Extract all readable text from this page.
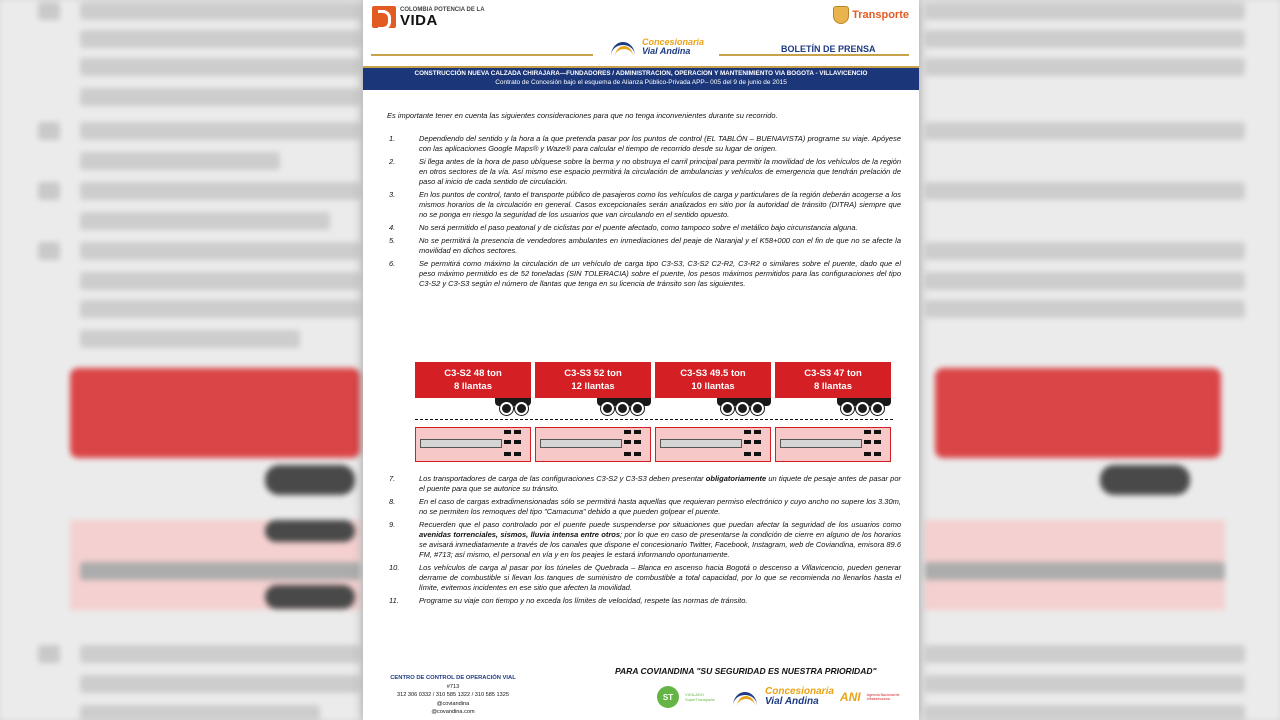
COLOMBIA POTENCIA DE LA
VIDA	Transporte
Concesionaria
Vial Andina	BOLETÍN DE PRENSA
CONSTRUCCIÓN NUEVA CALZADA CHIRAJARA—FUNDADORES / ADMINISTRACION, OPERACION Y MANTENIMIENTO VIA BOGOTA - VILLAVICENCIO
Contrato de Concesión bajo el esquema de Alianza Público-Privada APP– 005 del 9 de junio de 2015
Es importante tener en cuenta las siguientes consideraciones para que no tenga inconvenientes durante su recorrido.
1.	Dependiendo del sentido y la hora a la que pretenda pasar por los puntos de control (EL TABLÓN – BUENAVISTA) programe su viaje. Apóyese con las aplicaciones Google Maps® y Waze® para calcular el tiempo de recorrido desde su lugar de origen.
2.	Si llega antes de la hora de paso ubíquese sobre la berma y no obstruya el carril principal para permitir la movilidad de los vehículos de la región en otros sectores de la vía. Así mismo ese espacio permitirá la circulación de ambulancias y vehículos de emergencia que tendrán prelación de paso al inicio de cada sentido de circulación.
3.	En los puntos de control, tanto el transporte público de pasajeros como los vehículos de carga y particulares de la región deberán acogerse a los mismos horarios de la circulación en general. Casos excepcionales serán analizados en sitio por la autoridad de tránsito (DITRA) siempre que no se ponga en riesgo la seguridad de los usuarios que van circulando en el sentido opuesto.
4.	No será permitido el paso peatonal y de ciclistas por el puente afectado, como tampoco sobre el metálico bajo circunstancia alguna.
5.	No se permitirá la presencia de vendedores ambulantes en inmediaciones del peaje de Naranjal y el K58+000 con el fin de que no se afecte la movilidad en dichos sectores.
6.	Se permitirá como máximo la circulación de un vehículo de carga tipo C3-S3, C3-S2 C2-R2, C3-R2 o similares sobre el puente, dado que el peso máximo permitido es de 52 toneladas (SIN TOLERACIA) sobre el puente, los pesos máximos permitidos para las configuraciones del tipo C3-S2 y C3-S3 según el número de llantas que tenga en su licencia de tránsito son las siguientes.
C3-S2 48 ton
8 llantas
C3-S3 52 ton
12 llantas
C3-S3 49.5 ton
10 llantas
C3-S3 47 ton
8 llantas
7.	Los transportadores de carga de las configuraciones C3-S2 y C3-S3 deben presentar obligatoriamente un tiquete de pesaje antes de pasar por el puente para que se autorice su tránsito.
8.	En el caso de cargas extradimensionadas sólo se permitirá hasta aquellas que requieran permiso electrónico y cuyo ancho no supere los 3.30m, no se permiten los remoques del tipo "Camacuna" debido a que pueden golpear el puente.
9.	Recuerden que el paso controlado por el puente puede suspenderse por situaciones que puedan afectar la seguridad de los usuarios como avenidas torrenciales, sismos, lluvia intensa entre otros; por lo que en caso de presentarse la condición de cierre en alguno de los horarios se avisará inmediatamente a través de los canales que dispone el concesionario Twitter, Facebook, Instagram, web de Coviandina, emisora 89.6 FM, #713; así mismo, el personal en vía y en los peajes le estará informando oportunamente.
10.	Los vehículos de carga al pasar por los túneles de Quebrada – Blanca en ascenso hacia Bogotá o descenso a Villavicencio, pueden generar derrame de combustible si llevan los tanques de suministro de combustible a total capacidad, por lo que se recomienda no llenarlos hasta el límite, evitemos incidentes en ese sitio que afecten la movilidad.
11.	Programe su viaje con tiempo y no exceda los límites de velocidad, respete las normas de tránsito.
CENTRO DE CONTROL DE OPERACIÓN VIAL
#713
312 306 0332 / 310 585 1322 / 310 585 1325
@coviandina
@covandina.com
PARA COVIANDINA "SU SEGURIDAD ES NUESTRA PRIORIDAD"
ST	VIGILADO SuperTransporte
Concesionaria
Vial Andina	ANI Agencia Nacional de Infraestructura
